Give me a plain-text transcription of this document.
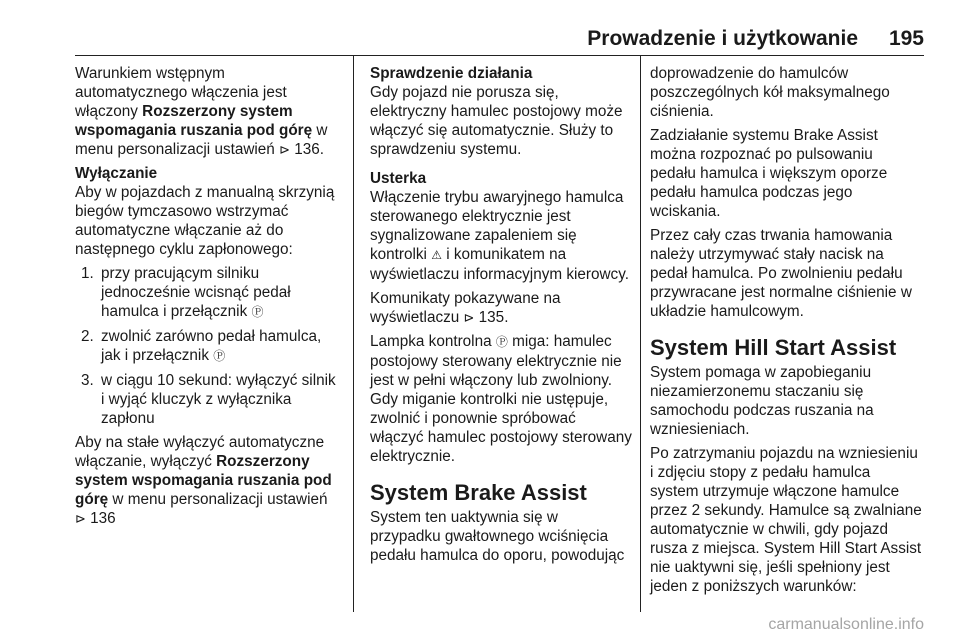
Prowadzenie i użytkowanie 195

Warunkiem wstępnym automatycznego włączenia jest włączony Rozszerzony system wspomagania ruszania pod górę w menu personalizacji ustawień ⊳ 136.

Wyłączanie

Aby w pojazdach z manualną skrzynią biegów tymczasowo wstrzymać automatyczne włączanie aż do następnego cyklu zapłonowego:

1. przy pracującym silniku jednocześnie wcisnąć pedał hamulca i przełącznik Ⓟ
2. zwolnić zarówno pedał hamulca, jak i przełącznik Ⓟ
3. w ciągu 10 sekund: wyłączyć silnik i wyjąć kluczyk z wyłącznika zapłonu

Aby na stałe wyłączyć automatyczne włączanie, wyłączyć Rozszerzony system wspomagania ruszania pod górę w menu personalizacji ustawień ⊳ 136

Sprawdzenie działania

Gdy pojazd nie porusza się, elektryczny hamulec postojowy może włączyć się automatycznie. Służy to sprawdzeniu systemu.

Usterka

Włączenie trybu awaryjnego hamulca sterowanego elektrycznie jest sygnalizowane zapaleniem się kontrolki ⚠ i komunikatem na wyświetlaczu informacyjnym kierowcy.

Komunikaty pokazywane na wyświetlaczu ⊳ 135.

Lampka kontrolna Ⓟ miga: hamulec postojowy sterowany elektrycznie nie jest w pełni włączony lub zwolniony. Gdy miganie kontrolki nie ustępuje, zwolnić i ponownie spróbować włączyć hamulec postojowy sterowany elektrycznie.

System Brake Assist

System ten uaktywnia się w przypadku gwałtownego wciśnięcia pedału hamulca do oporu, powodując

doprowadzenie do hamulców poszczególnych kół maksymalnego ciśnienia.

Zadziałanie systemu Brake Assist można rozpoznać po pulsowaniu pedału hamulca i większym oporze pedału hamulca podczas jego wciskania.

Przez cały czas trwania hamowania należy utrzymywać stały nacisk na pedał hamulca. Po zwolnieniu pedału przywracane jest normalne ciśnienie w układzie hamulcowym.

System Hill Start Assist

System pomaga w zapobieganiu niezamierzonemu staczaniu się samochodu podczas ruszania na wzniesieniach.

Po zatrzymaniu pojazdu na wzniesieniu i zdjęciu stopy z pedału hamulca system utrzymuje włączone hamulce przez 2 sekundy. Hamulce są zwalniane automatycznie w chwili, gdy pojazd rusza z miejsca. System Hill Start Assist nie uaktywni się, jeśli spełniony jest jeden z poniższych warunków:

carmanualsonline.info
